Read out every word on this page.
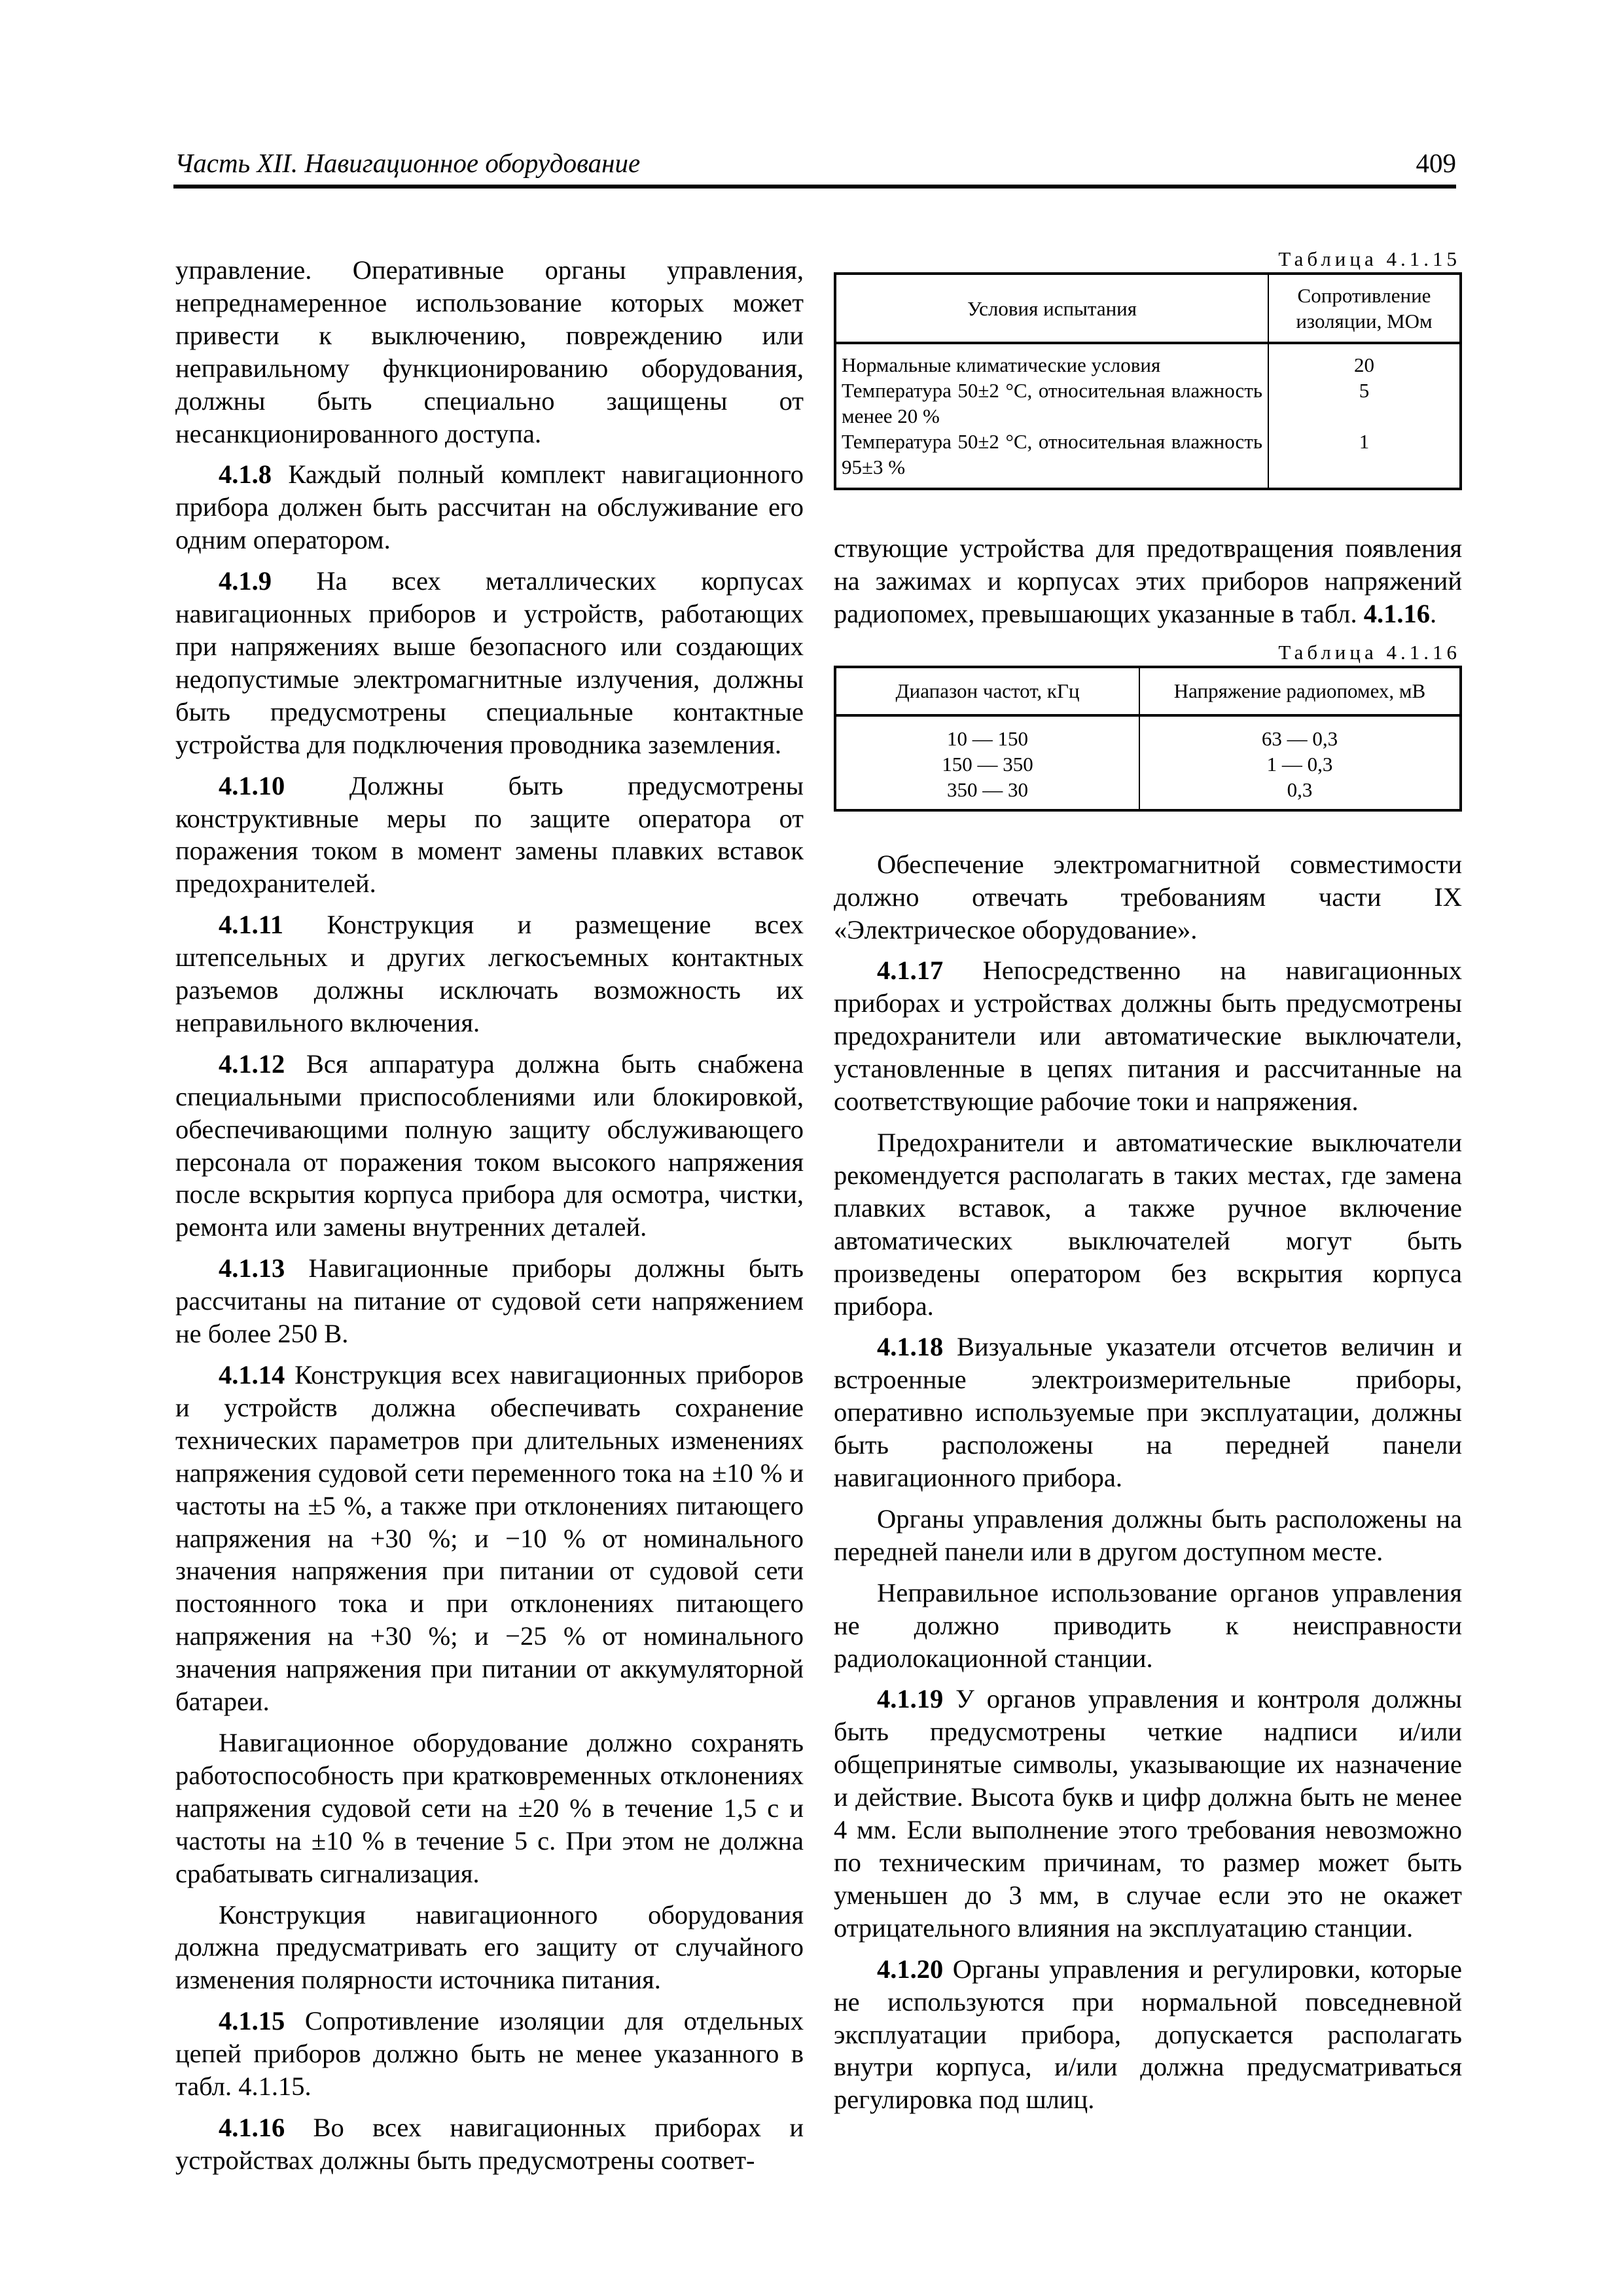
Часть XII. Навигационное оборудование	409

управление. Оперативные органы управления, непреднамеренное использование которых может привести к выключению, повреждению или неправильному функционированию оборудования, должны быть специально защищены от несанкционированного доступа.

4.1.8 Каждый полный комплект навигационного прибора должен быть рассчитан на обслуживание его одним оператором.

4.1.9 На всех металлических корпусах навигационных приборов и устройств, работающих при напряжениях выше безопасного или создающих недопустимые электромагнитные излучения, должны быть предусмотрены специальные контактные устройства для подключения проводника заземления.

4.1.10 Должны быть предусмотрены конструктивные меры по защите оператора от поражения током в момент замены плавких вставок предохранителей.

4.1.11 Конструкция и размещение всех штепсельных и других легкосъемных контактных разъемов должны исключать возможность их неправильного включения.

4.1.12 Вся аппаратура должна быть снабжена специальными приспособлениями или блокировкой, обеспечивающими полную защиту обслуживающего персонала от поражения током высокого напряжения после вскрытия корпуса прибора для осмотра, чистки, ремонта или замены внутренних деталей.

4.1.13 Навигационные приборы должны быть рассчитаны на питание от судовой сети напряжением не более 250 В.

4.1.14 Конструкция всех навигационных приборов и устройств должна обеспечивать сохранение технических параметров при длительных изменениях напряжения судовой сети переменного тока на ±10 % и частоты на ±5 %, а также при отклонениях питающего напряжения на +30 %; и −10 % от номинального значения напряжения при питании от судовой сети постоянного тока и при отклонениях питающего напряжения на +30 %; и −25 % от номинального значения напряжения при питании от аккумуляторной батареи.

Навигационное оборудование должно сохранять работоспособность при кратковременных отклонениях напряжения судовой сети на ±20 % в течение 1,5 с и частоты на ±10 % в течение 5 с. При этом не должна срабатывать сигнализация.

Конструкция навигационного оборудования должна предусматривать его защиту от случайного изменения полярности источника питания.

4.1.15 Сопротивление изоляции для отдельных цепей приборов должно быть не менее указанного в табл. 4.1.15.

4.1.16 Во всех навигационных приборах и устройствах должны быть предусмотрены соответ-

Таблица 4.1.15
Условия испытания	Сопротивление изоляции, МОм
Нормальные климатические условия	20
Температура 50±2 °С, относительная влажность менее 20 %	5
Температура 50±2 °С, относительная влажность 95±3 %	1

ствующие устройства для предотвращения появления на зажимах и корпусах этих приборов напряжений радиопомех, превышающих указанные в табл. 4.1.16.

Таблица 4.1.16
Диапазон частот, кГц	Напряжение радиопомех, мВ
10 — 150	63 — 0,3
150 — 350	1 — 0,3
350 — 30	0,3

Обеспечение электромагнитной совместимости должно отвечать требованиям части IX «Электрическое оборудование».

4.1.17 Непосредственно на навигационных приборах и устройствах должны быть предусмотрены предохранители или автоматические выключатели, установленные в цепях питания и рассчитанные на соответствующие рабочие токи и напряжения.

Предохранители и автоматические выключатели рекомендуется располагать в таких местах, где замена плавких вставок, а также ручное включение автоматических выключателей могут быть произведены оператором без вскрытия корпуса прибора.

4.1.18 Визуальные указатели отсчетов величин и встроенные электроизмерительные приборы, оперативно используемые при эксплуатации, должны быть расположены на передней панели навигационного прибора.

Органы управления должны быть расположены на передней панели или в другом доступном месте.

Неправильное использование органов управления не должно приводить к неисправности радиолокационной станции.

4.1.19 У органов управления и контроля должны быть предусмотрены четкие надписи и/или общепринятые символы, указывающие их назначение и действие. Высота букв и цифр должна быть не менее 4 мм. Если выполнение этого требования невозможно по техническим причинам, то размер может быть уменьшен до 3 мм, в случае если это не окажет отрицательного влияния на эксплуатацию станции.

4.1.20 Органы управления и регулировки, которые не используются при нормальной повседневной эксплуатации прибора, допускается располагать внутри корпуса, и/или должна предусматриваться регулировка под шлиц.
